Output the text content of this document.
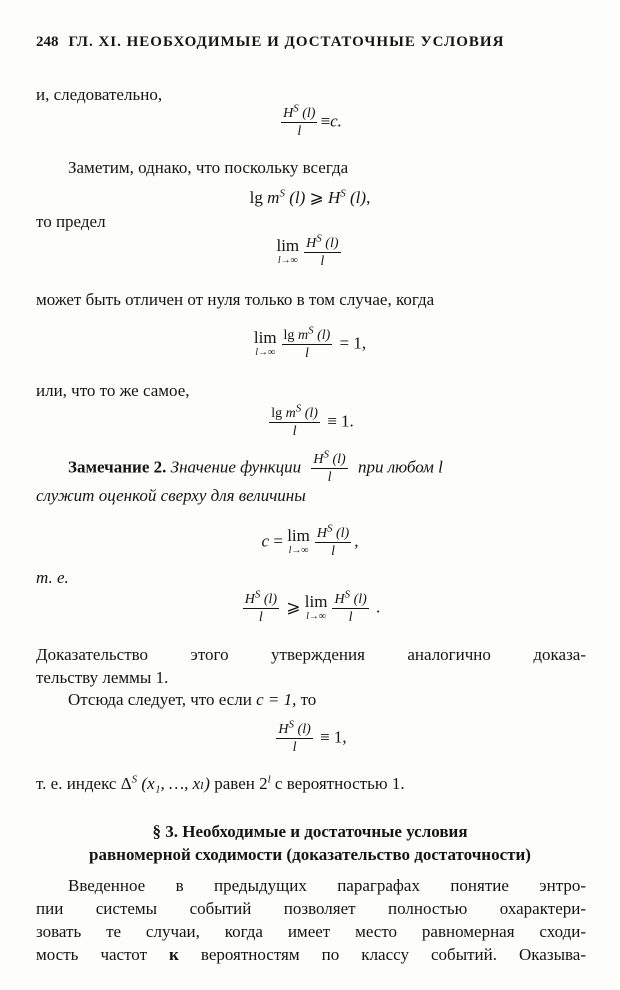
248 ГЛ. XI. НЕОБХОДИМЫЕ И ДОСТАТОЧНЫЕ УСЛОВИЯ
и, следовательно,
$\frac{H^S (l)}{l} \equiv c$.
Заметим, однако, что поскольку всегда
$\lg m^S$ (l) ⩾ $H^S$ (l),
то предел
lim
$l\to\infty \frac{H^S (l)}{l}$
может быть отличен от нуля только в том случае, когда
lim
$l\to\infty \frac{\lg m^S (l)}{l} = 1$,
или, что то же самое,
$\frac{\lg m^S (l)}{l} \equiv 1$.
Замечание 2. Значение функции $\frac{H^S (l)}{l}$ при любом l
служит оценкой сверху для величины
c = lim
$l\to\infty \frac{H^S (l)}{l}$ ,
т. е.
$\frac{H^S (l)}{l}$ ⩾ lim
$l\to\infty \frac{H^S (l)}{l}$ .
Доказательство этого утверждения аналогично доказа-
тельству леммы 1.
Отсюда следует, что если c = 1, то
$\frac{H^S (l)}{l} \equiv 1$,
т. е. индекс $\Delta^S$ (x₁, …, xₗ) равен 2$^l$ с вероятностью 1.
§ 3. Необходимые и достаточные условия
равномерной сходимости (доказательство достаточности)
Введенное в предыдущих параграфах понятие энтро-
пии системы событий позволяет полностью охарактери-
зовать те случаи, когда имеет место равномерная сходи-
мость частот к вероятностям по классу событий. Оказыва-
